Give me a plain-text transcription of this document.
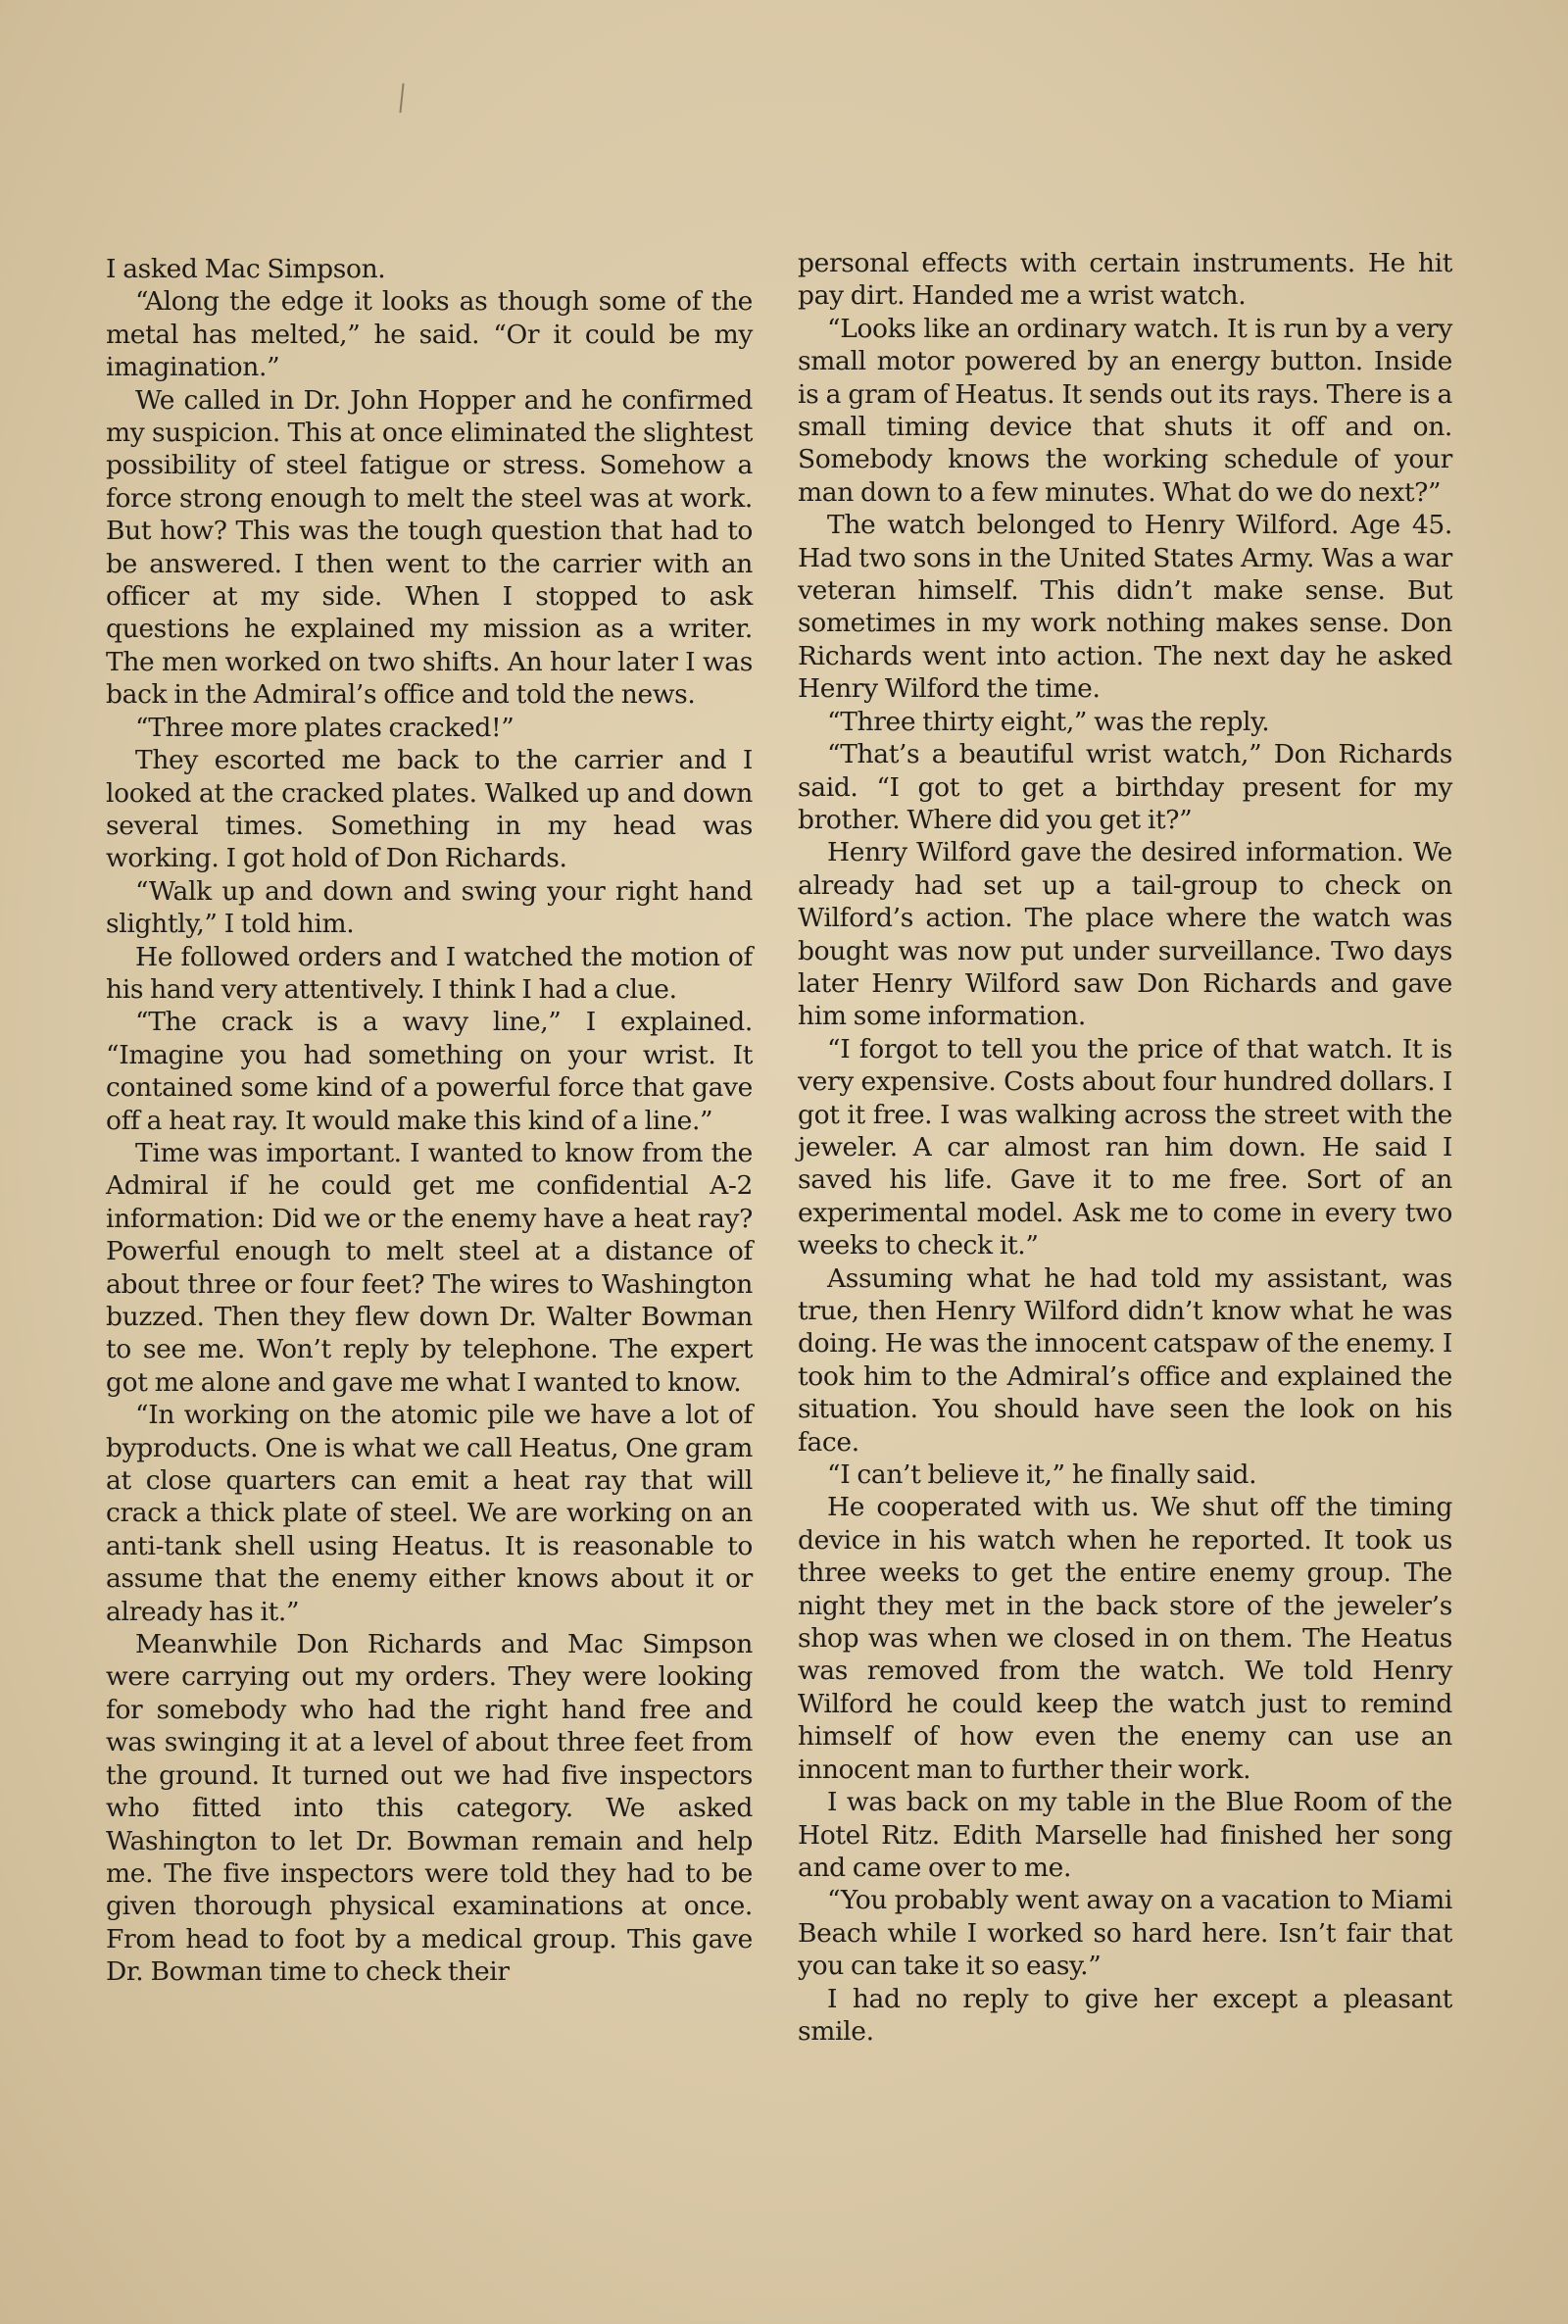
I asked Mac Simpson.

“Along the edge it looks as though some of the metal has melted,” he said. “Or it could be my imagination.”

We called in Dr. John Hopper and he confirmed my suspicion. This at once eliminated the slightest possibility of steel fatigue or stress. Somehow a force strong enough to melt the steel was at work. But how? This was the tough question that had to be answered. I then went to the carrier with an officer at my side. When I stopped to ask questions he explained my mission as a writer. The men worked on two shifts. An hour later I was back in the Admiral’s office and told the news.

“Three more plates cracked!”

They escorted me back to the carrier and I looked at the cracked plates. Walked up and down several times. Something in my head was working. I got hold of Don Richards.

“Walk up and down and swing your right hand slightly,” I told him.

He followed orders and I watched the motion of his hand very attentively. I think I had a clue.

“The crack is a wavy line,” I explained. “Imagine you had something on your wrist. It contained some kind of a powerful force that gave off a heat ray. It would make this kind of a line.”

Time was important. I wanted to know from the Admiral if he could get me confidential A-2 information: Did we or the enemy have a heat ray? Powerful enough to melt steel at a distance of about three or four feet? The wires to Washington buzzed. Then they flew down Dr. Walter Bowman to see me. Won’t reply by telephone. The expert got me alone and gave me what I wanted to know.

“In working on the atomic pile we have a lot of byproducts. One is what we call Heatus, One gram at close quarters can emit a heat ray that will crack a thick plate of steel. We are working on an anti-tank shell using Heatus. It is reasonable to assume that the enemy either knows about it or already has it.”

Meanwhile Don Richards and Mac Simpson were carrying out my orders. They were looking for somebody who had the right hand free and was swinging it at a level of about three feet from the ground. It turned out we had five inspectors who fitted into this category. We asked Washington to let Dr. Bowman remain and help me. The five inspectors were told they had to be given thorough physical examinations at once. From head to foot by a medical group. This gave Dr. Bowman time to check their

personal effects with certain instruments. He hit pay dirt. Handed me a wrist watch.

“Looks like an ordinary watch. It is run by a very small motor powered by an energy button. Inside is a gram of Heatus. It sends out its rays. There is a small timing device that shuts it off and on. Somebody knows the working schedule of your man down to a few minutes. What do we do next?”

The watch belonged to Henry Wilford. Age 45. Had two sons in the United States Army. Was a war veteran himself. This didn’t make sense. But sometimes in my work nothing makes sense. Don Richards went into action. The next day he asked Henry Wilford the time.

“Three thirty eight,” was the reply.

“That’s a beautiful wrist watch,” Don Richards said. “I got to get a birthday present for my brother. Where did you get it?”

Henry Wilford gave the desired information. We already had set up a tail-group to check on Wilford’s action. The place where the watch was bought was now put under surveillance. Two days later Henry Wilford saw Don Richards and gave him some information.

“I forgot to tell you the price of that watch. It is very expensive. Costs about four hundred dollars. I got it free. I was walking across the street with the jeweler. A car almost ran him down. He said I saved his life. Gave it to me free. Sort of an experimental model. Ask me to come in every two weeks to check it.”

Assuming what he had told my assistant, was true, then Henry Wilford didn’t know what he was doing. He was the innocent catspaw of the enemy. I took him to the Admiral’s office and explained the situation. You should have seen the look on his face.

“I can’t believe it,” he finally said.

He cooperated with us. We shut off the timing device in his watch when he reported. It took us three weeks to get the entire enemy group. The night they met in the back store of the jeweler’s shop was when we closed in on them. The Heatus was removed from the watch. We told Henry Wilford he could keep the watch just to remind himself of how even the enemy can use an innocent man to further their work.

I was back on my table in the Blue Room of the Hotel Ritz. Edith Marselle had finished her song and came over to me.

“You probably went away on a vacation to Miami Beach while I worked so hard here. Isn’t fair that you can take it so easy.”

I had no reply to give her except a pleasant smile.
